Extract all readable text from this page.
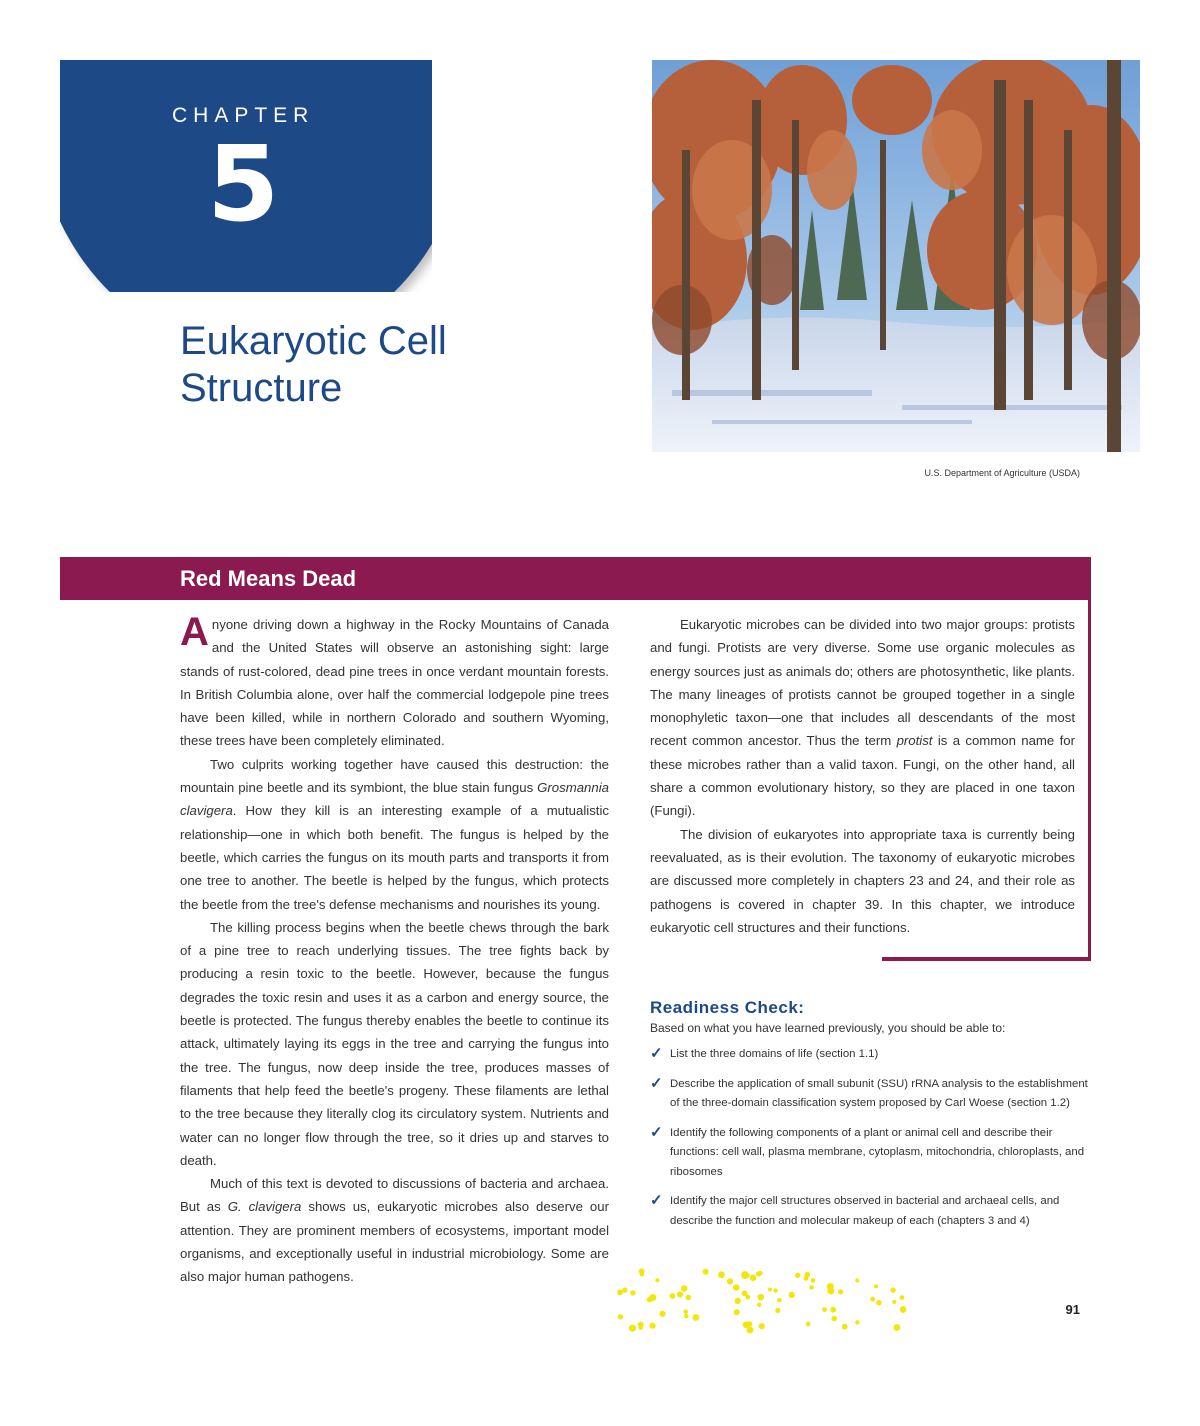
CHAPTER
5
Eukaryotic Cell
Structure
U.S. Department of Agriculture (USDA)
Red Means Dead

Anyone driving down a highway in the Rocky Mountains of Canada and the United States will observe an astonishing sight: large stands of rust-colored, dead pine trees in once verdant mountain forests. In British Columbia alone, over half the commercial lodgepole pine trees have been killed, while in northern Colorado and southern Wyoming, these trees have been completely eliminated.

Two culprits working together have caused this destruction: the mountain pine beetle and its symbiont, the blue stain fungus Grosmannia clavigera. How they kill is an interesting example of a mutualistic relationship—one in which both benefit. The fungus is helped by the beetle, which carries the fungus on its mouth parts and transports it from one tree to another. The beetle is helped by the fungus, which protects the beetle from the tree's defense mechanisms and nourishes its young.

The killing process begins when the beetle chews through the bark of a pine tree to reach underlying tissues. The tree fights back by producing a resin toxic to the beetle. However, because the fungus degrades the toxic resin and uses it as a carbon and energy source, the beetle is protected. The fungus thereby enables the beetle to continue its attack, ultimately laying its eggs in the tree and carrying the fungus into the tree. The fungus, now deep inside the tree, produces masses of filaments that help feed the beetle's progeny. These filaments are lethal to the tree because they literally clog its circulatory system. Nutrients and water can no longer flow through the tree, so it dries up and starves to death.

Much of this text is devoted to discussions of bacteria and archaea. But as G. clavigera shows us, eukaryotic microbes also deserve our attention. They are prominent members of ecosystems, important model organisms, and exceptionally useful in industrial microbiology. Some are also major human pathogens.

Eukaryotic microbes can be divided into two major groups: protists and fungi. Protists are very diverse. Some use organic molecules as energy sources just as animals do; others are photosynthetic, like plants. The many lineages of protists cannot be grouped together in a single monophyletic taxon—one that includes all descendants of the most recent common ancestor. Thus the term protist is a common name for these microbes rather than a valid taxon. Fungi, on the other hand, all share a common evolutionary history, so they are placed in one taxon (Fungi).

The division of eukaryotes into appropriate taxa is currently being reevaluated, as is their evolution. The taxonomy of eukaryotic microbes are discussed more completely in chapters 23 and 24, and their role as pathogens is covered in chapter 39. In this chapter, we introduce eukaryotic cell structures and their functions.

Readiness Check:
Based on what you have learned previously, you should be able to:
✓ List the three domains of life (section 1.1)
✓ Describe the application of small subunit (SSU) rRNA analysis to the establishment of the three-domain classification system proposed by Carl Woese (section 1.2)
✓ Identify the following components of a plant or animal cell and describe their functions: cell wall, plasma membrane, cytoplasm, mitochondria, chloroplasts, and ribosomes
✓ Identify the major cell structures observed in bacterial and archaeal cells, and describe the function and molecular makeup of each (chapters 3 and 4)
91
